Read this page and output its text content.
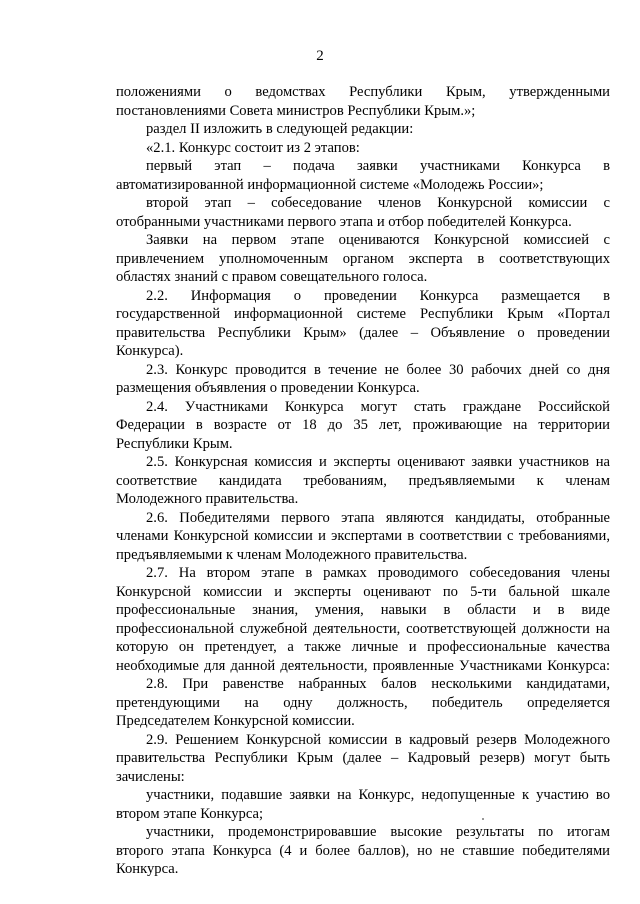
2
положениями о ведомствах Республики Крым, утвержденными
постановлениями Совета министров Республики Крым.»;
раздел II изложить в следующей редакции:
«2.1. Конкурс состоит из 2 этапов:
первый этап – подача заявки участниками Конкурса в
автоматизированной информационной системе «Молодежь России»;
второй этап – собеседование членов Конкурсной комиссии с
отобранными участниками первого этапа и отбор победителей Конкурса.
Заявки на первом этапе оцениваются Конкурсной комиссией с
привлечением уполномоченным органом эксперта в соответствующих
областях знаний с правом совещательного голоса.
2.2. Информация о проведении Конкурса размещается в
государственной информационной системе Республики Крым «Портал
правительства Республики Крым» (далее – Объявление о проведении
Конкурса).
2.3. Конкурс проводится в течение не более 30 рабочих дней со дня
размещения объявления о проведении Конкурса.
2.4. Участниками Конкурса могут стать граждане Российской
Федерации в возрасте от 18 до 35 лет, проживающие на территории
Республики Крым.
2.5. Конкурсная комиссия и эксперты оценивают заявки участников на
соответствие кандидата требованиям, предъявляемыми к членам
Молодежного правительства.
2.6. Победителями первого этапа являются кандидаты, отобранные
членами Конкурсной комиссии и экспертами в соответствии с требованиями,
предъявляемыми к членам Молодежного правительства.
2.7. На втором этапе в рамках проводимого собеседования члены
Конкурсной комиссии и эксперты оценивают по 5-ти бальной шкале
профессиональные знания, умения, навыки в области и в виде
профессиональной служебной деятельности, соответствующей должности на
которую он претендует, а также личные и профессиональные качества
необходимые для данной деятельности, проявленные Участниками Конкурса:
2.8. При равенстве набранных балов несколькими кандидатами,
претендующими на одну должность, победитель определяется
Председателем Конкурсной комиссии.
2.9. Решением Конкурсной комиссии в кадровый резерв Молодежного
правительства Республики Крым (далее – Кадровый резерв) могут быть
зачислены:
участники, подавшие заявки на Конкурс, недопущенные к участию во
втором этапе Конкурса;
участники, продемонстрировавшие высокие результаты по итогам
второго этапа Конкурса (4 и более баллов), но не ставшие победителями
Конкурса.
